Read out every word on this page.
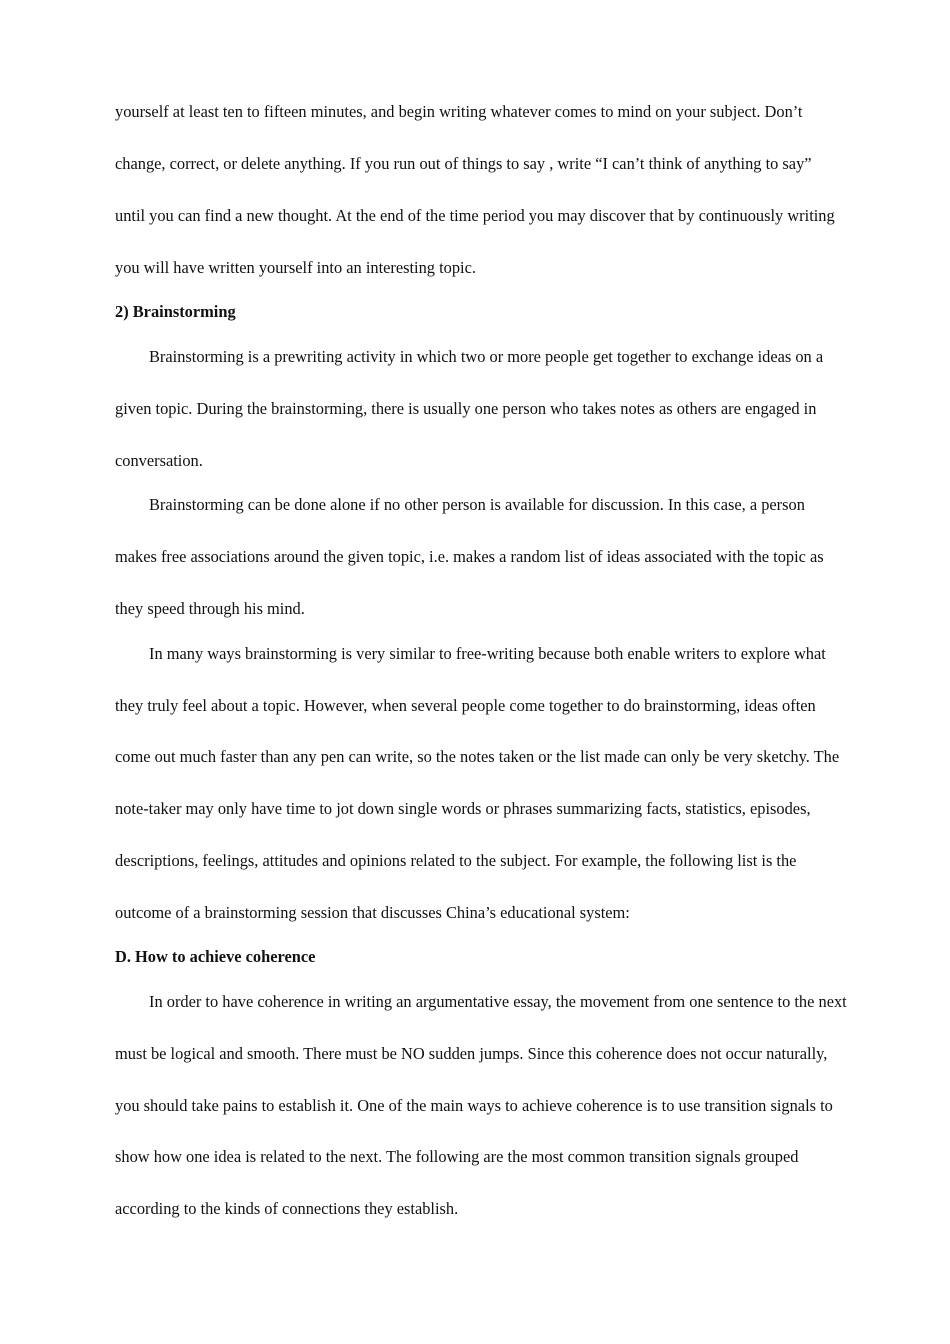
yourself at least ten to fifteen minutes, and begin writing whatever comes to mind on your subject. Don’t

change, correct, or delete anything. If you run out of things to say , write “I can’t think of anything to say”

until you can find a new thought. At the end of the time period you may discover that by continuously writing

you will have written yourself into an interesting topic.

2) Brainstorming

Brainstorming is a prewriting activity in which two or more people get together to exchange ideas on a

given topic. During the brainstorming, there is usually one person who takes notes as others are engaged in

conversation.

Brainstorming can be done alone if no other person is available for discussion. In this case, a person

makes free associations around the given topic, i.e. makes a random list of ideas associated with the topic as

they speed through his mind.

In many ways brainstorming is very similar to free-writing because both enable writers to explore what

they truly feel about a topic. However, when several people come together to do brainstorming, ideas often

come out much faster than any pen can write, so the notes taken or the list made can only be very sketchy. The

note-taker may only have time to jot down single words or phrases summarizing facts, statistics, episodes,

descriptions, feelings, attitudes and opinions related to the subject. For example, the following list is the

outcome of a brainstorming session that discusses China’s educational system:

D. How to achieve coherence

In order to have coherence in writing an argumentative essay, the movement from one sentence to the next

must be logical and smooth. There must be NO sudden jumps. Since this coherence does not occur naturally,

you should take pains to establish it. One of the main ways to achieve coherence is to use transition signals to

show how one idea is related to the next. The following are the most common transition signals grouped

according to the kinds of connections they establish.
